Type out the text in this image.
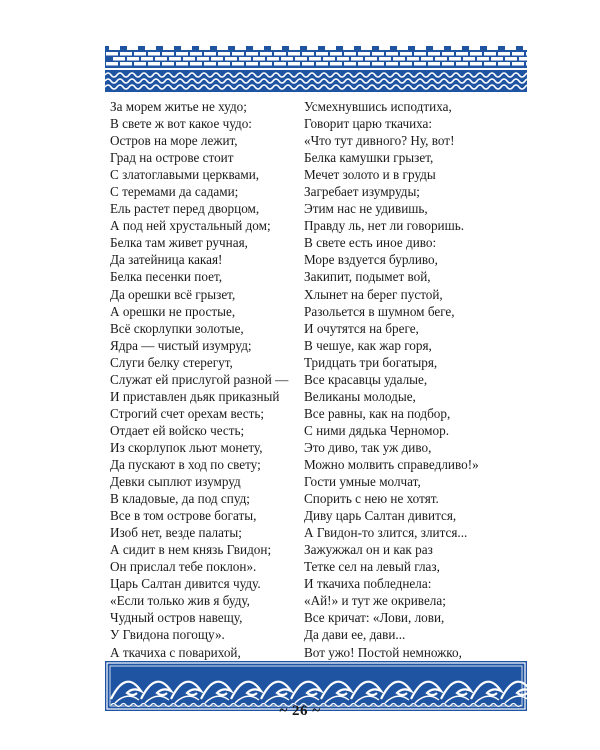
За морем житье не худо;
В свете ж вот какое чудо:
Остров на море лежит,
Град на острове стоит
С златоглавыми церквами,
С теремами да садами;
Ель растет перед дворцом,
А под ней хрустальный дом;
Белка там живет ручная,
Да затейница какая!
Белка песенки поет,
Да орешки всё грызет,
А орешки не простые,
Всё скорлупки золотые,
Ядра — чистый изумруд;
Слуги белку стерегут,
Служат ей прислугой разной —
И приставлен дьяк приказный
Строгий счет орехам весть;
Отдает ей войско честь;
Из скорлупок льют монету,
Да пускают в ход по свету;
Девки сыплют изумруд
В кладовые, да под спуд;
Все в том острове богаты,
Изоб нет, везде палаты;
А сидит в нем князь Гвидон;
Он прислал тебе поклон».
Царь Салтан дивится чуду.
«Если только жив я буду,
Чудный остров навещу,
У Гвидона погощу».
А ткачиха с поварихой,
Усмехнувшись исподтиха,
Говорит царю ткачиха:
«Что тут дивного? Ну, вот!
Белка камушки грызет,
Мечет золото и в груды
Загребает изумруды;
Этим нас не удивишь,
Правду ль, нет ли говоришь.
В свете есть иное диво:
Море вздуется бурливо,
Закипит, подымет вой,
Хлынет на берег пустой,
Разольется в шумном беге,
И очутятся на бреге,
В чешуе, как жар горя,
Тридцать три богатыря,
Все красавцы удалые,
Великаны молодые,
Все равны, как на подбор,
С ними дядька Черномор.
Это диво, так уж диво,
Можно молвить справедливо!»
Гости умные молчат,
Спорить с нею не хотят.
Диву царь Салтан дивится,
А Гвидон-то злится, злится...
Зажужжал он и как раз
Тетке сел на левый глаз,
И ткачиха побледнела:
«Ай!» и тут же окривела;
Все кричат: «Лови, лови,
Да дави ее, дави...
Вот ужо! Постой немножко,
~ 26 ~
